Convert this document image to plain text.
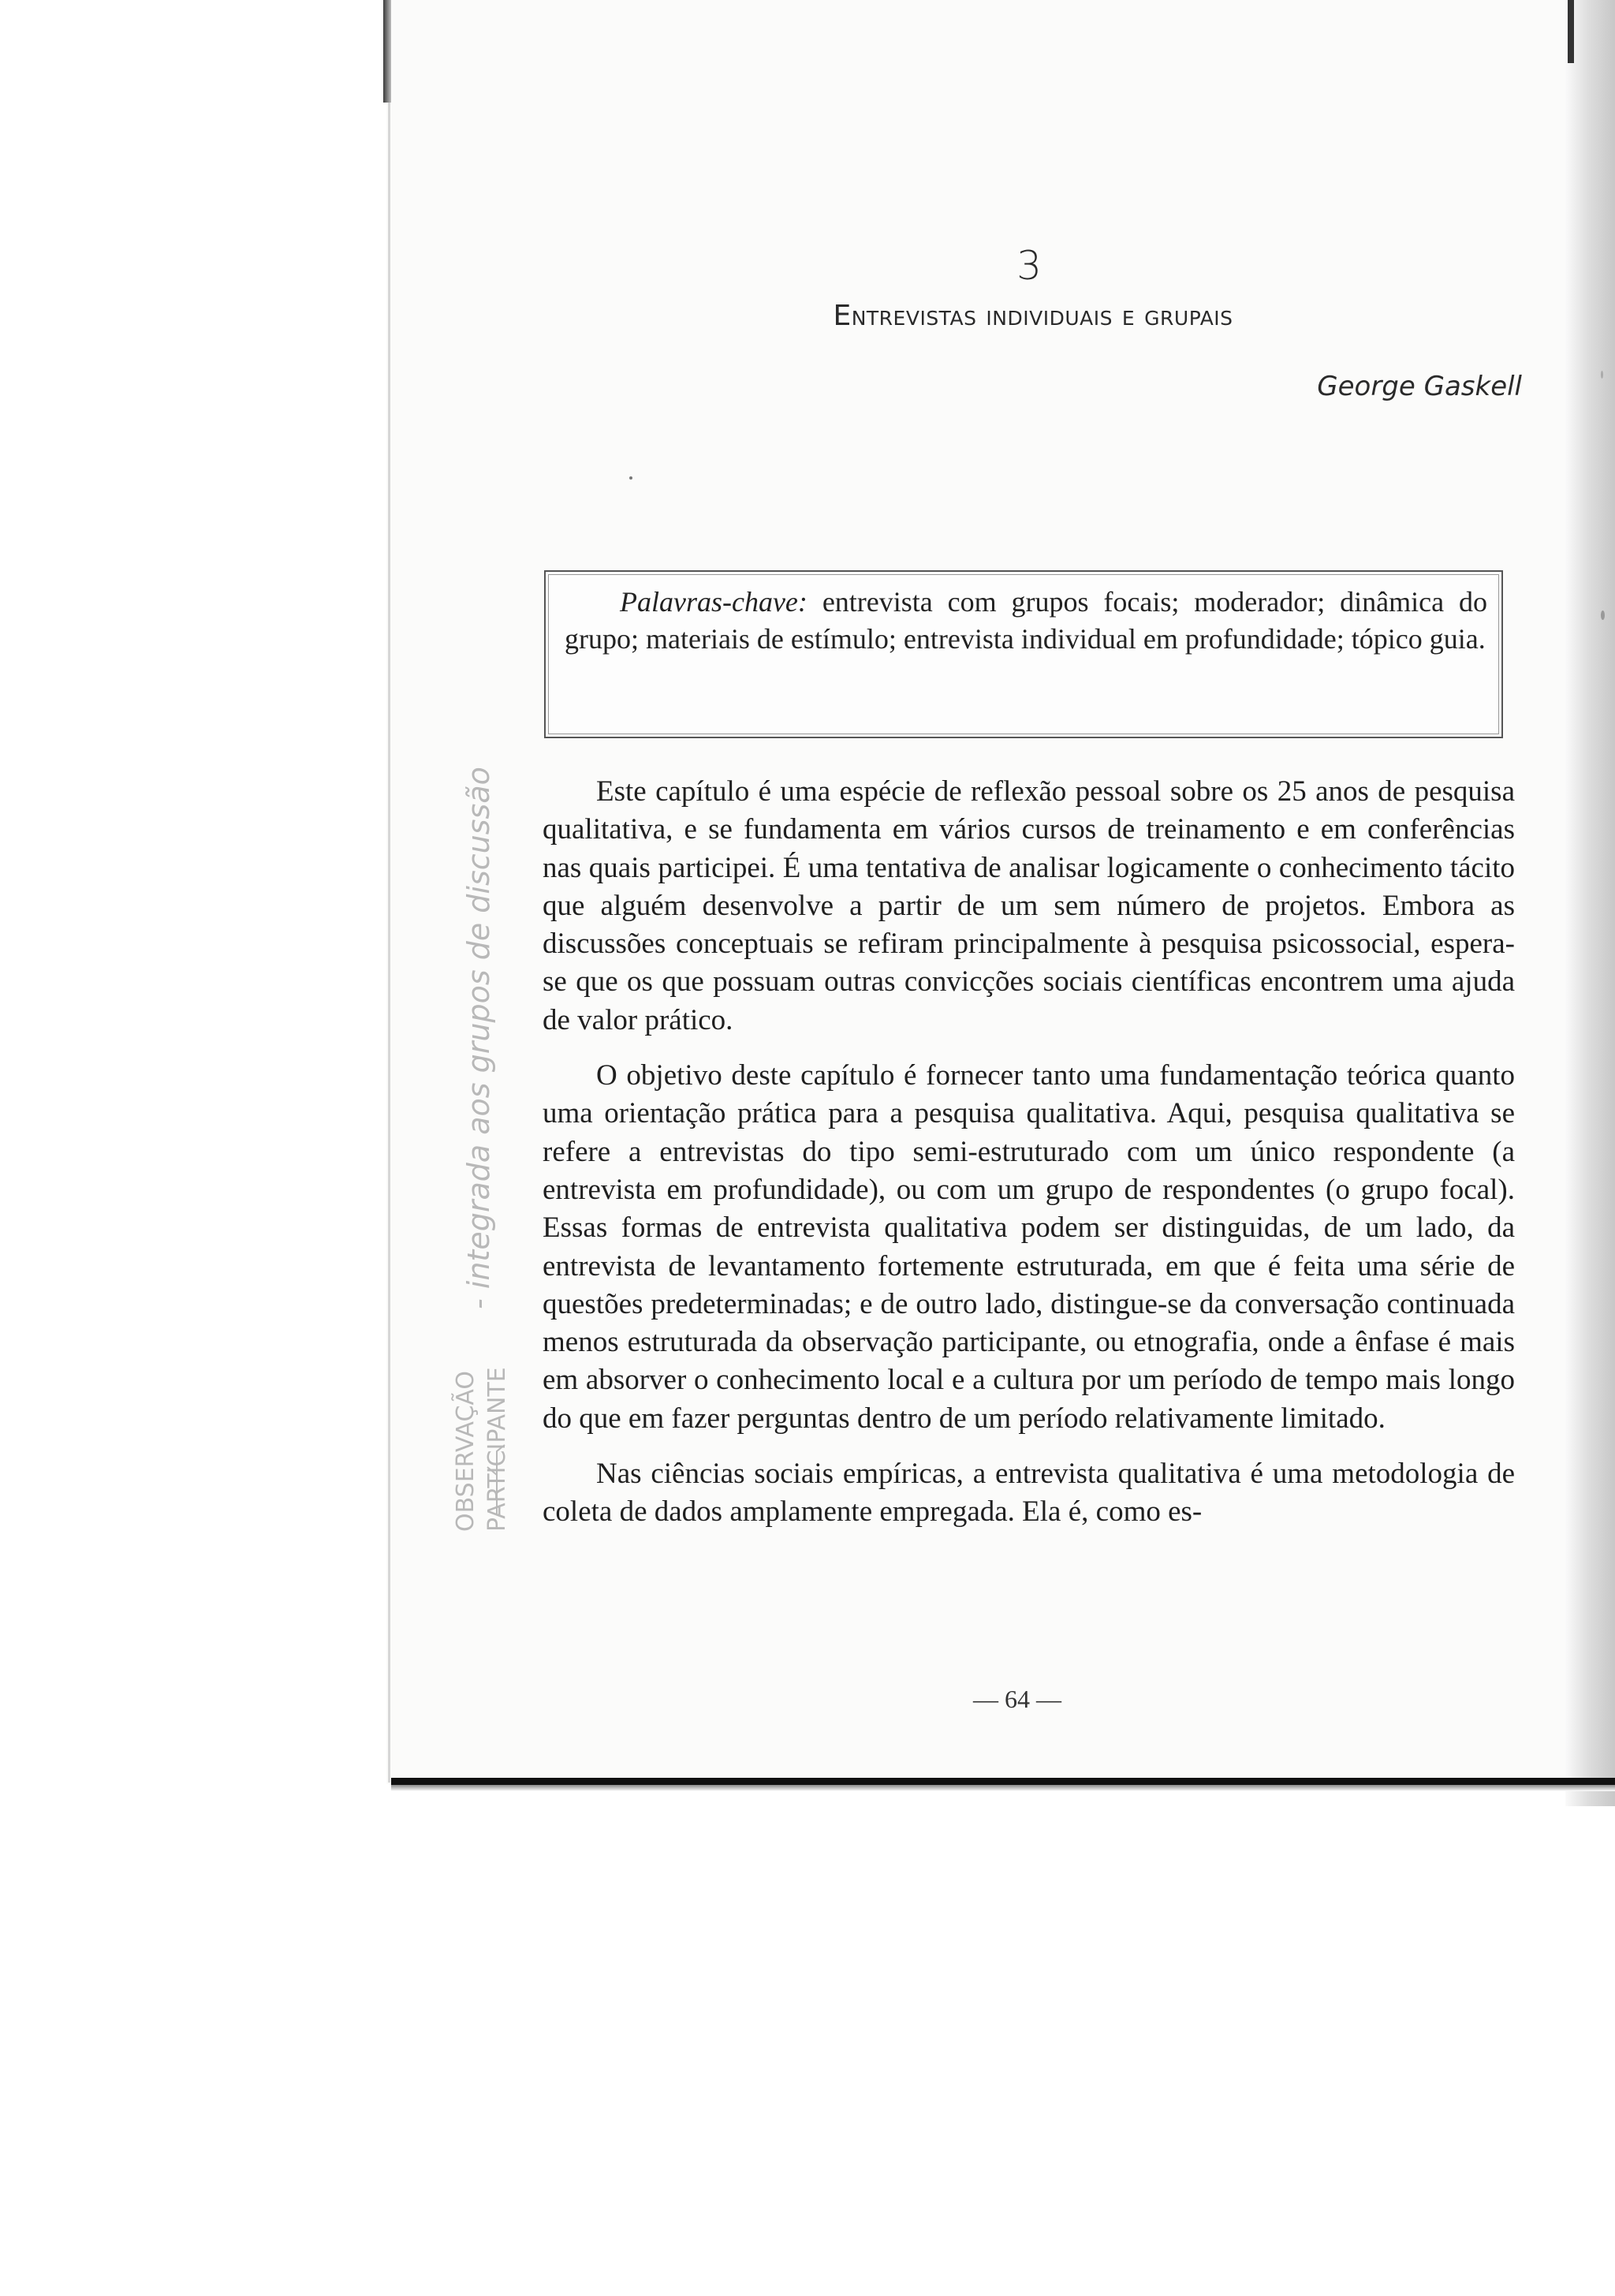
OBSERVAÇÃO PARTICIPANTE
- integrada aos grupos de discussão
3
Entrevistas individuais e grupais
George Gaskell
Palavras-chave: entrevista com grupos focais; moderador; dinâmica do grupo; materiais de estímulo; entrevista individual em profundidade; tópico guia.

Este capítulo é uma espécie de reflexão pessoal sobre os 25 anos de pesquisa qualitativa, e se fundamenta em vários cursos de treinamento e em conferências nas quais participei. É uma tentativa de analisar logicamente o conhecimento tácito que alguém desenvolve a partir de um sem número de projetos. Embora as discussões conceptuais se refiram principalmente à pesquisa psicossocial, espera-se que os que possuam outras convicções sociais científicas encontrem uma ajuda de valor prático.

O objetivo deste capítulo é fornecer tanto uma fundamentação teórica quanto uma orientação prática para a pesquisa qualitativa. Aqui, pesquisa qualitativa se refere a entrevistas do tipo semi-estruturado com um único respondente (a entrevista em profundidade), ou com um grupo de respondentes (o grupo focal). Essas formas de entrevista qualitativa podem ser distinguidas, de um lado, da entrevista de levantamento fortemente estruturada, em que é feita uma série de questões predeterminadas; e de outro lado, distingue-se da conversação continuada menos estruturada da observação participante, ou etnografia, onde a ênfase é mais em absorver o conhecimento local e a cultura por um período de tempo mais longo do que em fazer perguntas dentro de um período relativamente limitado.

Nas ciências sociais empíricas, a entrevista qualitativa é uma metodologia de coleta de dados amplamente empregada. Ela é, como es-

— 64 —
